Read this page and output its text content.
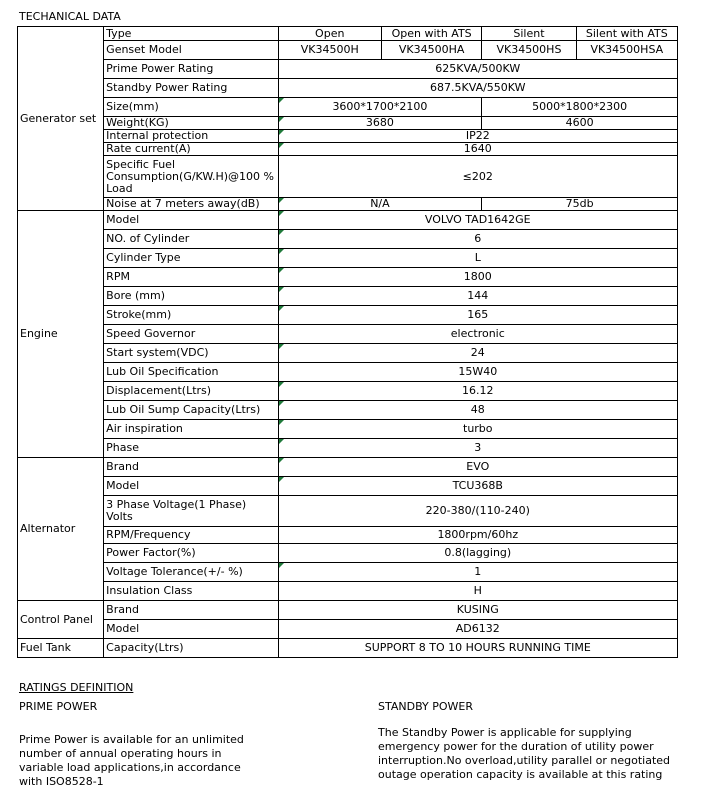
TECHANICAL DATA
Generator set	Type	Open	Open with ATS	Silent	Silent with ATS
	Genset Model	VK34500H	VK34500HA	VK34500HS	VK34500HSA
	Prime Power Rating	625KVA/500KW			
	Standby Power Rating	687.5KVA/550KW			
	Size(mm)	3600*1700*2100		5000*1800*2300	
	Weight(KG)	3680		4600	
	Internal protection	IP22			
	Rate current(A)	1640			
	Specific Fuel Consumption(G/KW.H)@100 % Load	≤202			
	Noise at 7 meters away(dB)	N/A		75db	
Engine	Model	VOLVO TAD1642GE			
	NO. of Cylinder	6			
	Cylinder Type	L			
	RPM	1800			
	Bore (mm)	144			
	Stroke(mm)	165			
	Speed Governor	electronic			
	Start system(VDC)	24			
	Lub Oil Specification	15W40			
	Displacement(Ltrs)	16.12			
	Lub Oil Sump Capacity(Ltrs)	48			
	Air inspiration	turbo			
	Phase	3			
Alternator	Brand	EVO			
	Model	TCU368B			
	3 Phase Voltage(1 Phase) Volts	220-380/(110-240)			
	RPM/Frequency	1800rpm/60hz			
	Power Factor(%)	0.8(lagging)			
	Voltage Tolerance(+/- %)	1			
	Insulation Class	H			
Control Panel	Brand	KUSING			
	Model	AD6132			
Fuel Tank	Capacity(Ltrs)	SUPPORT 8 TO 10 HOURS RUNNING TIME			
RATINGS DEFINITION
PRIME POWER
Prime Power is available for an unlimited number of annual operating hours in variable load applications,in accordance with ISO8528-1
STANDBY POWER
The Standby Power is applicable for supplying emergency power for the duration of utility power interruption.No overload,utility parallel or negotiated outage operation capacity is available at this rating
